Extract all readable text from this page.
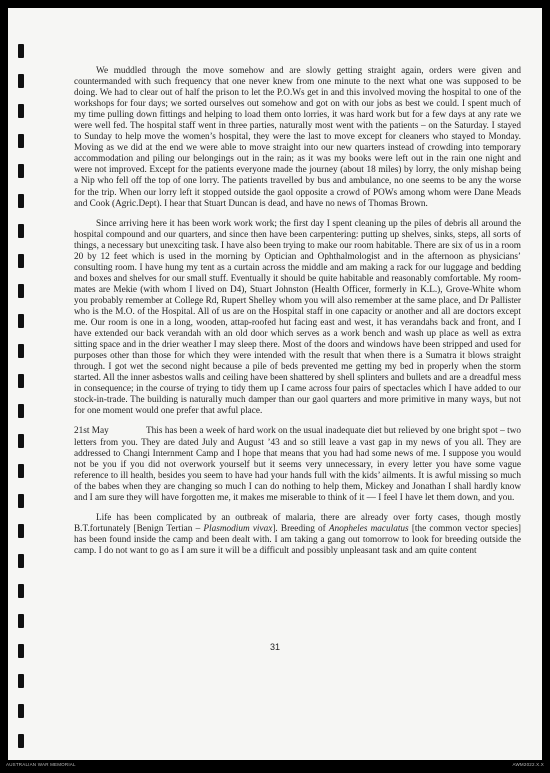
We muddled through the move somehow and are slowly getting straight again, orders were given and countermanded with such frequency that one never knew from one minute to the next what one was supposed to be doing. We had to clear out of half the prison to let the P.O.Ws get in and this involved moving the hospital to one of the workshops for four days; we sorted ourselves out somehow and got on with our jobs as best we could. I spent much of my time pulling down fittings and helping to load them onto lorries, it was hard work but for a few days at any rate we were well fed. The hospital staff went in three parties, naturally most went with the patients – on the Saturday. I stayed to Sunday to help move the women’s hospital, they were the last to move except for cleaners who stayed to Monday. Moving as we did at the end we were able to move straight into our new quarters instead of crowding into temporary accommodation and piling our belongings out in the rain; as it was my books were left out in the rain one night and were not improved. Except for the patients everyone made the journey (about 18 miles) by lorry, the only mishap being a Nip who fell off the top of one lorry. The patients travelled by bus and ambulance, no one seems to be any the worse for the trip. When our lorry left it stopped outside the gaol opposite a crowd of POWs among whom were Dane Meads and Cook (Agric.Dept). I hear that Stuart Duncan is dead, and have no news of Thomas Brown.

Since arriving here it has been work work work; the first day I spent cleaning up the piles of debris all around the hospital compound and our quarters, and since then have been carpentering: putting up shelves, sinks, steps, all sorts of things, a necessary but unexciting task. I have also been trying to make our room habitable. There are six of us in a room 20 by 12 feet which is used in the morning by Optician and Ophthalmologist and in the afternoon as physicians’ consulting room. I have hung my tent as a curtain across the middle and am making a rack for our luggage and bedding and boxes and shelves for our small stuff. Eventually it should be quite habitable and reasonably comfortable. My room-mates are Mekie (with whom I lived on D4), Stuart Johnston (Health Officer, formerly in K.L.), Grove-White whom you probably remember at College Rd, Rupert Shelley whom you will also remember at the same place, and Dr Pallister who is the M.O. of the Hospital. All of us are on the Hospital staff in one capacity or another and all are doctors except me. Our room is one in a long, wooden, attap-roofed hut facing east and west, it has verandahs back and front, and I have extended our back verandah with an old door which serves as a work bench and wash up place as well as extra sitting space and in the drier weather I may sleep there. Most of the doors and windows have been stripped and used for purposes other than those for which they were intended with the result that when there is a Sumatra it blows straight through. I got wet the second night because a pile of beds prevented me getting my bed in properly when the storm started. All the inner asbestos walls and ceiling have been shattered by shell splinters and bullets and are a dreadful mess in consequence; in the course of trying to tidy them up I came across four pairs of spectacles which I have added to our stock-in-trade. The building is naturally much damper than our gaol quarters and more primitive in many ways, but not for one moment would one prefer that awful place.

21st May	This has been a week of hard work on the usual inadequate diet but relieved by one bright spot – two letters from you. They are dated July and August ’43 and so still leave a vast gap in my news of you all. They are addressed to Changi Internment Camp and I hope that means that you had had some news of me. I suppose you would not be you if you did not overwork yourself but it seems very unnecessary, in every letter you have some vague reference to ill health, besides you seem to have had your hands full with the kids’ ailments. It is awful missing so much of the babes when they are changing so much I can do nothing to help them, Mickey and Jonathan I shall hardly know and I am sure they will have forgotten me, it makes me miserable to think of it — I feel I have let them down, and you.

Life has been complicated by an outbreak of malaria, there are already over forty cases, though mostly B.T.fortunately [Benign Tertian – Plasmodium vivax]. Breeding of Anopheles maculatus [the common vector species] has been found inside the camp and been dealt with. I am taking a gang out tomorrow to look for breeding outside the camp. I do not want to go as I am sure it will be a difficult and possibly unpleasant task and am quite content

31
AUSTRALIAN WAR MEMORIAL	AWM2022.X.X
